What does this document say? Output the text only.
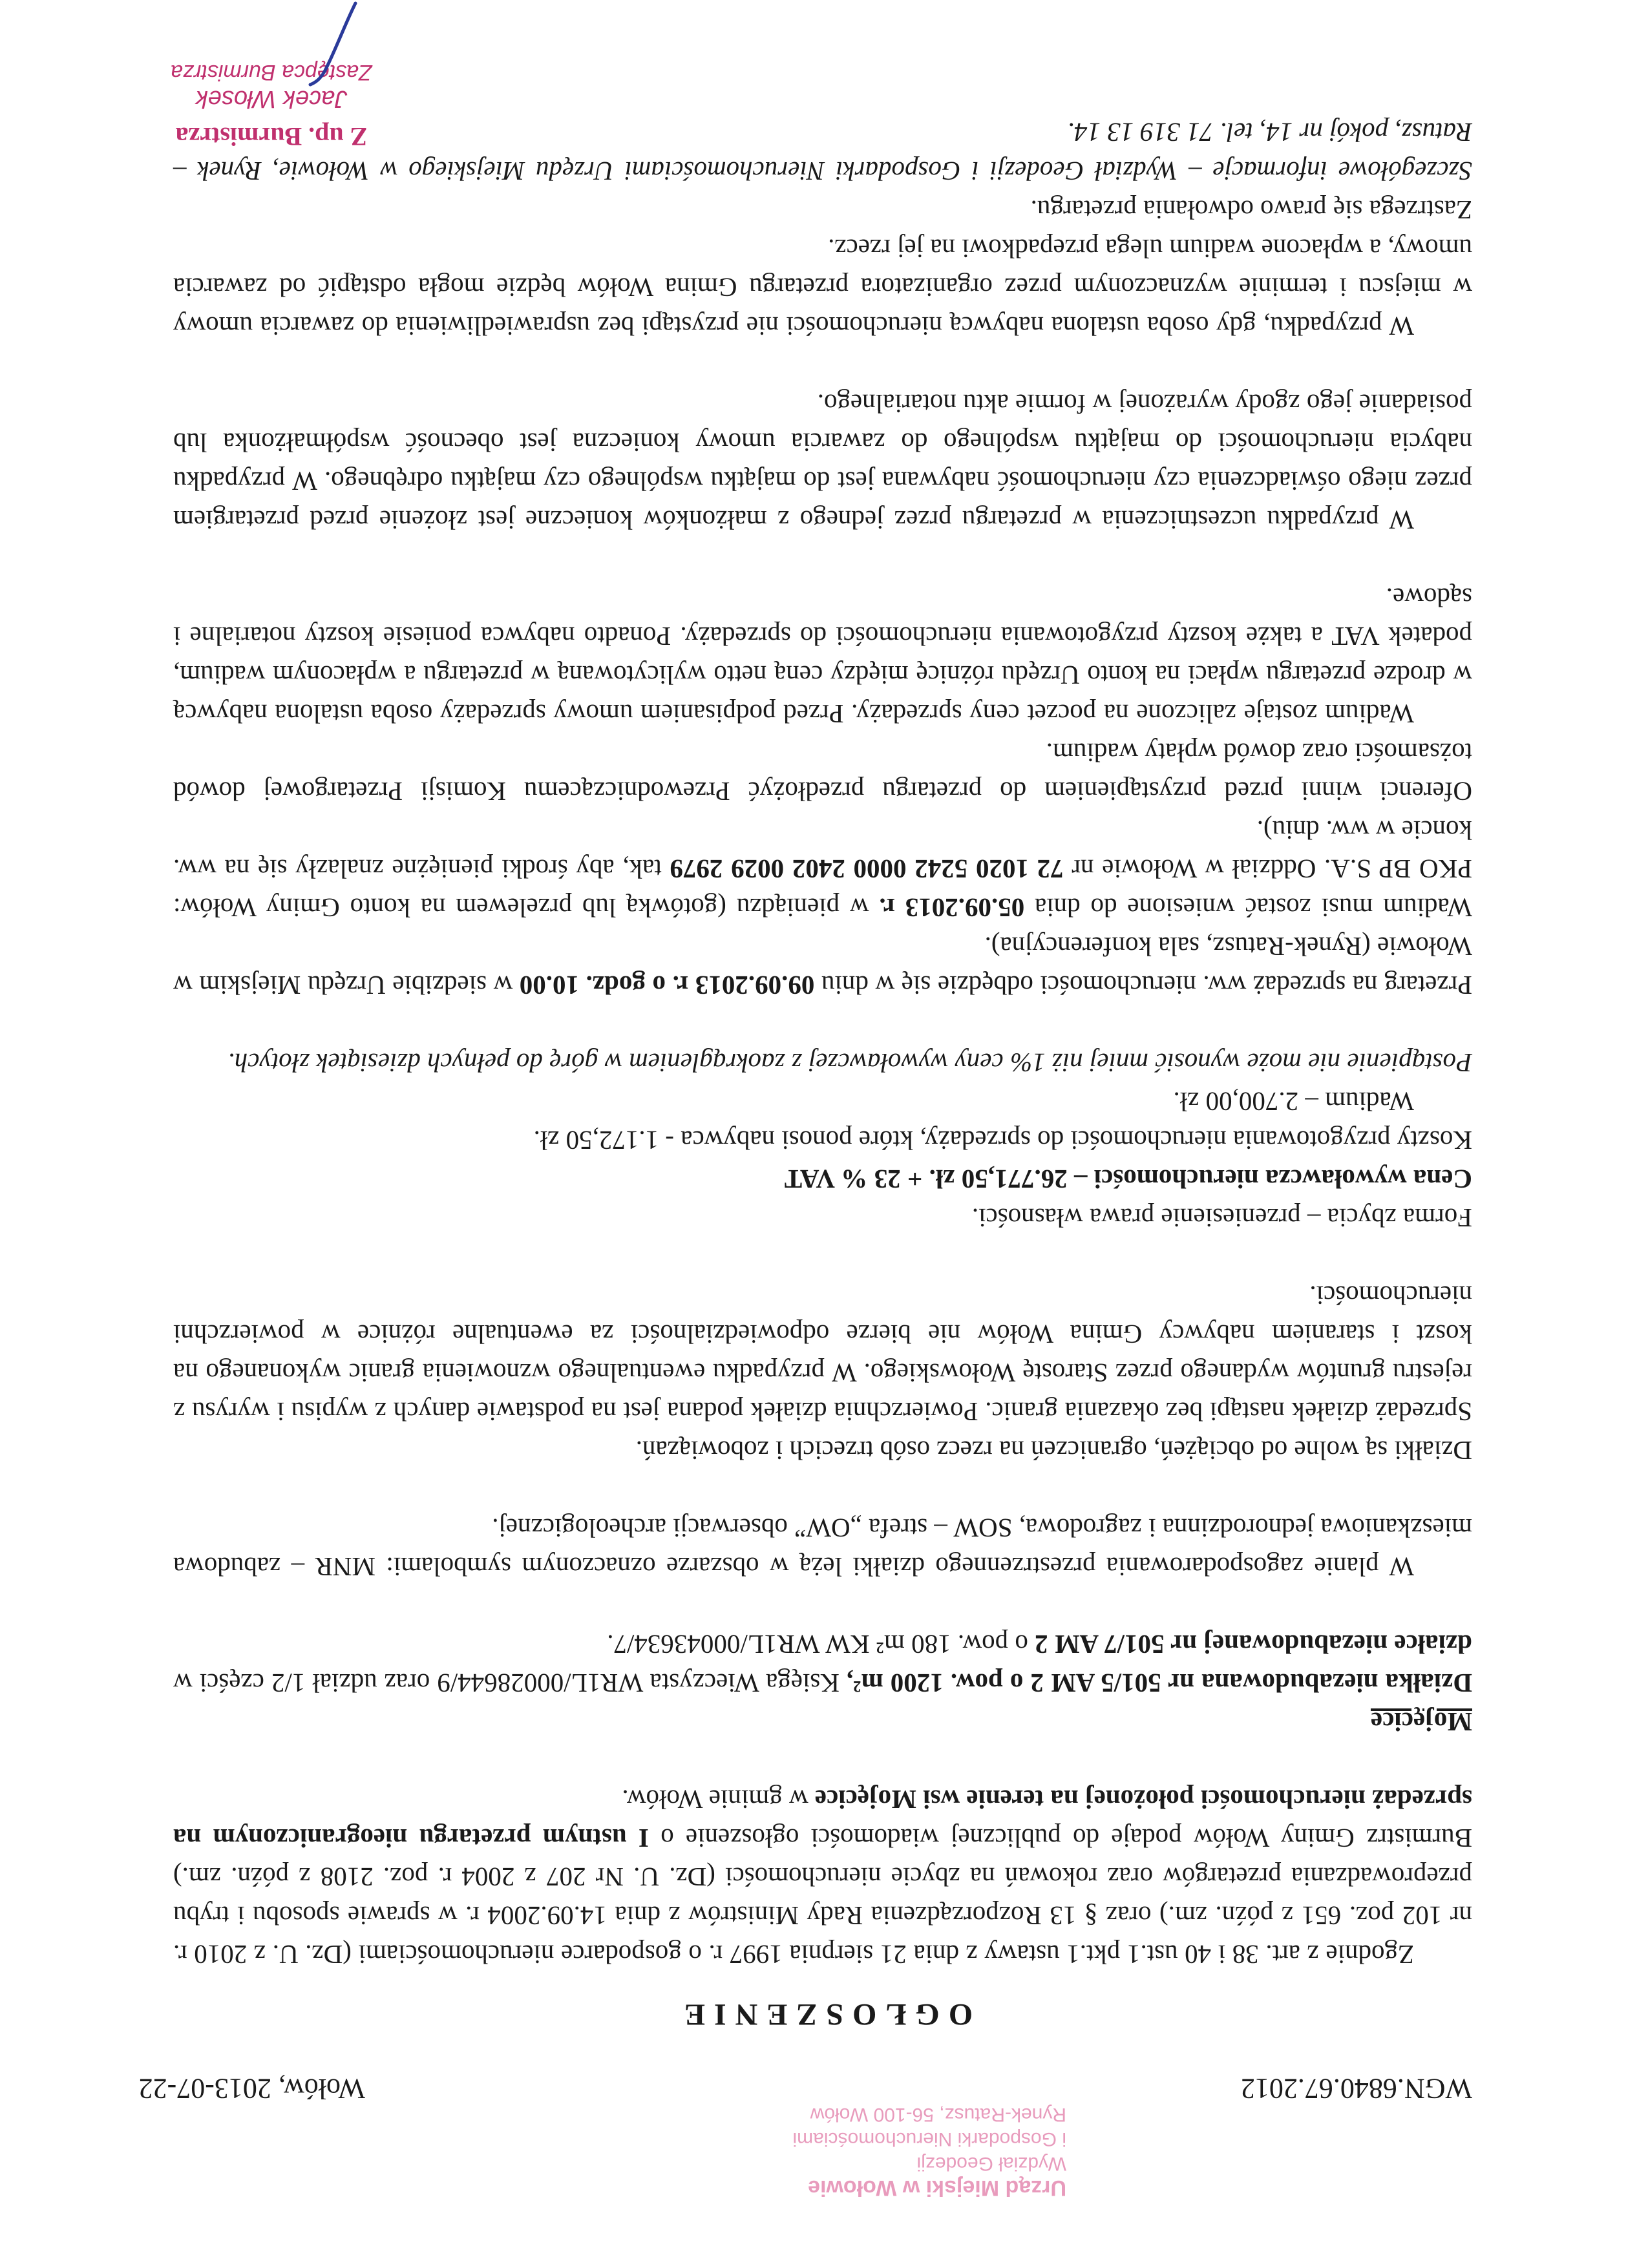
Urząd Miejski w Wołowie
Wydział Geodezji
i Gospodarki Nieruchomościami
Rynek-Ratusz, 56-100 Wołów
WGN.6840.67.2012
Wołów, 2013-07-22
OGŁOSZENIE

Zgodnie z art. 38 i 40 ust.1 pkt.1 ustawy z dnia 21 sierpnia 1997 r. o gospodarce nieruchomościami (Dz. U. z 2010 r. nr 102 poz. 651 z późn. zm.) oraz § 13 Rozporządzenia Rady Ministrów z dnia 14.09.2004 r. w sprawie sposobu i trybu przeprowadzania przetargów oraz rokowań na zbycie nieruchomości (Dz. U. Nr 207 z 2004 r. poz. 2108 z późn. zm.) Burmistrz Gminy Wołów podaje do publicznej wiadomości ogłoszenie o I ustnym przetargu nieograniczonym na sprzedaż nieruchomości położonej na terenie wsi Mojęcice w gminie Wołów.

Mojęcice

Działka niezabudowana nr 501/5 AM 2 o pow. 1200 m², Księga Wieczysta WR1L/00028644/9 oraz udział 1/2 części w działce niezabudowanej nr 501/7 AM 2 o pow. 180 m² KW WR1L/00043634/7.

W planie zagospodarowania przestrzennego działki leżą w obszarze oznaczonym symbolami: MNR – zabudowa mieszkaniowa jednorodzinna i zagrodowa, SOW – strefa „OW” obserwacji archeologicznej.

Działki są wolne od obciążeń, ograniczeń na rzecz osób trzecich i zobowiązań.

Sprzedaż działek nastąpi bez okazania granic. Powierzchnia działek podana jest na podstawie danych z wypisu i wyrysu z rejestru gruntów wydanego przez Starostę Wołowskiego. W przypadku ewentualnego wznowienia granic wykonanego na koszt i staraniem nabywcy Gmina Wołów nie bierze odpowiedzialności za ewentualne różnice w powierzchni nieruchomości.

Forma zbycia – przeniesienie prawa własności.

Cena wywoławcza nieruchomości – 26.771,50 zł. + 23 % VAT

Koszty przygotowania nieruchomości do sprzedaży, które ponosi nabywca - 1.172,50 zł.

Wadium – 2.700,00 zł.

Postąpienie nie może wynosić mniej niż 1% ceny wywoławczej z zaokrągleniem w górę do pełnych dziesiątek złotych.

Przetarg na sprzedaż ww. nieruchomości odbędzie się w dniu 09.09.2013 r. o godz. 10.00 w siedzibie Urzędu Miejskim w Wołowie (Rynek-Ratusz, sala konferencyjna).

Wadium musi zostać wniesione do dnia 05.09.2013 r. w pieniądzu (gotówką lub przelewem na konto Gminy Wołów: PKO BP S.A. Oddział w Wołowie nr 72 1020 5242 0000 2402 0029 2979 tak, aby środki pieniężne znalazły się na ww. koncie w ww. dniu).

Oferenci winni przed przystąpieniem do przetargu przedłożyć Przewodniczącemu Komisji Przetargowej dowód tożsamości oraz dowód wpłaty wadium.

Wadium zostaje zaliczone na poczet ceny sprzedaży. Przed podpisaniem umowy sprzedaży osoba ustalona nabywcą w drodze przetargu wpłaci na konto Urzędu różnicę między ceną netto wylicytowaną w przetargu a wpłaconym wadium, podatek VAT a także koszty przygotowania nieruchomości do sprzedaży. Ponadto nabywca poniesie koszty notarialne i sądowe.

W przypadku uczestniczenia w przetargu przez jednego z małżonków konieczne jest złożenie przed przetargiem przez niego oświadczenia czy nieruchomość nabywana jest do majątku wspólnego czy majątku odrębnego. W przypadku nabycia nieruchomości do majątku wspólnego do zawarcia umowy konieczna jest obecność współmałżonka lub posiadanie jego zgody wyrażonej w formie aktu notarialnego.

W przypadku, gdy osoba ustalona nabywcą nieruchomości nie przystąpi bez usprawiedliwienia do zawarcia umowy w miejscu i terminie wyznaczonym przez organizatora przetargu Gmina Wołów będzie mogła odstąpić od zawarcia umowy, a wpłacone wadium ulega przepadkowi na jej rzecz.

Zastrzega się prawo odwołania przetargu.

Szczegółowe informacje – Wydział Geodezji i Gospodarki Nieruchomościami Urzędu Miejskiego w Wołowie, Rynek – Ratusz, pokój nr 14, tel. 71 319 13 14.

Z up. Burmistrza
Jacek Włosek
Zastępca Burmistrza
